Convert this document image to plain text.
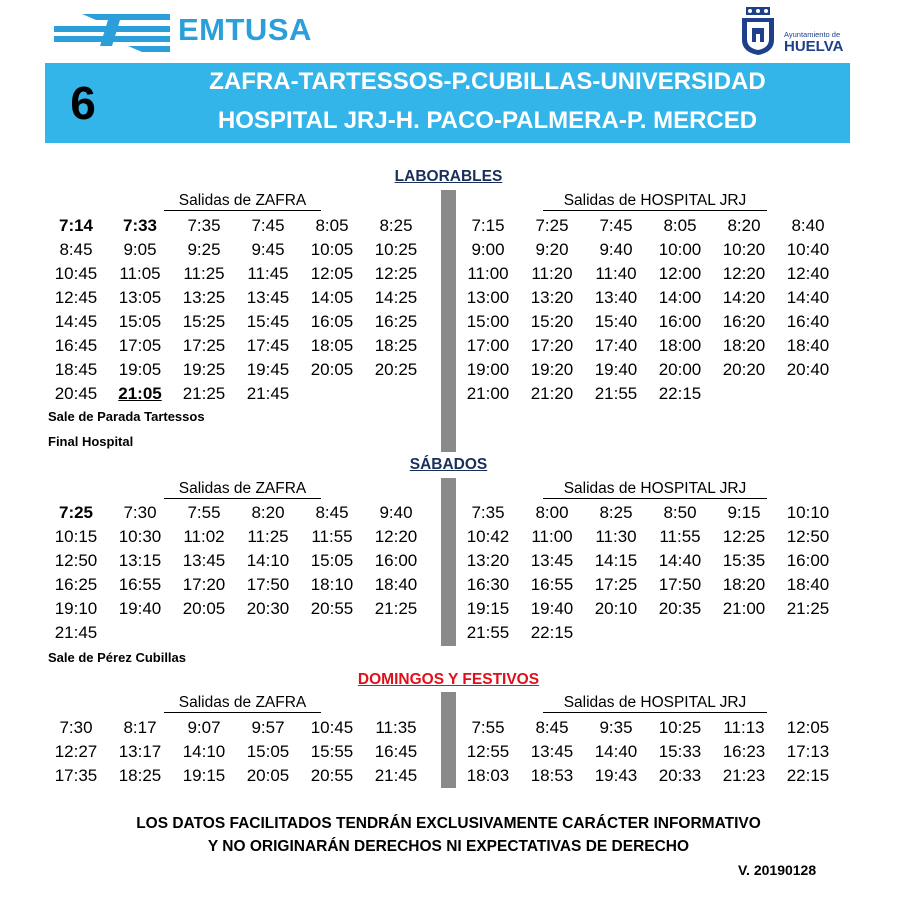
EMTUSA	Ayuntamiento de
HUELVA
6	ZAFRA-TARTESSOS-P.CUBILLAS-UNIVERSIDAD
HOSPITAL JRJ-H. PACO-PALMERA-P. MERCED
LABORABLES
Salidas de ZAFRA	Salidas de HOSPITAL JRJ
7:14	7:33	7:35	7:45	8:05	8:25
8:45	9:05	9:25	9:45	10:05	10:25
10:45	11:05	11:25	11:45	12:05	12:25
12:45	13:05	13:25	13:45	14:05	14:25
14:45	15:05	15:25	15:45	16:05	16:25
16:45	17:05	17:25	17:45	18:05	18:25
18:45	19:05	19:25	19:45	20:05	20:25
20:45	21:05	21:25	21:45
7:15	7:25	7:45	8:05	8:20	8:40
9:00	9:20	9:40	10:00	10:20	10:40
11:00	11:20	11:40	12:00	12:20	12:40
13:00	13:20	13:40	14:00	14:20	14:40
15:00	15:20	15:40	16:00	16:20	16:40
17:00	17:20	17:40	18:00	18:20	18:40
19:00	19:20	19:40	20:00	20:20	20:40
21:00	21:20	21:55	22:15
Sale de Parada Tartessos
Final Hospital
SÁBADOS
Salidas de ZAFRA	Salidas de HOSPITAL JRJ
7:25	7:30	7:55	8:20	8:45	9:40
10:15	10:30	11:02	11:25	11:55	12:20
12:50	13:15	13:45	14:10	15:05	16:00
16:25	16:55	17:20	17:50	18:10	18:40
19:10	19:40	20:05	20:30	20:55	21:25
21:45
7:35	8:00	8:25	8:50	9:15	10:10
10:42	11:00	11:30	11:55	12:25	12:50
13:20	13:45	14:15	14:40	15:35	16:00
16:30	16:55	17:25	17:50	18:20	18:40
19:15	19:40	20:10	20:35	21:00	21:25
21:55	22:15
Sale de Pérez Cubillas
DOMINGOS Y FESTIVOS
Salidas de ZAFRA	Salidas de HOSPITAL JRJ
7:30	8:17	9:07	9:57	10:45	11:35
12:27	13:17	14:10	15:05	15:55	16:45
17:35	18:25	19:15	20:05	20:55	21:45
7:55	8:45	9:35	10:25	11:13	12:05
12:55	13:45	14:40	15:33	16:23	17:13
18:03	18:53	19:43	20:33	21:23	22:15
LOS DATOS FACILITADOS TENDRÁN EXCLUSIVAMENTE CARÁCTER INFORMATIVO
Y NO ORIGINARÁN DERECHOS NI EXPECTATIVAS DE DERECHO
V. 20190128
